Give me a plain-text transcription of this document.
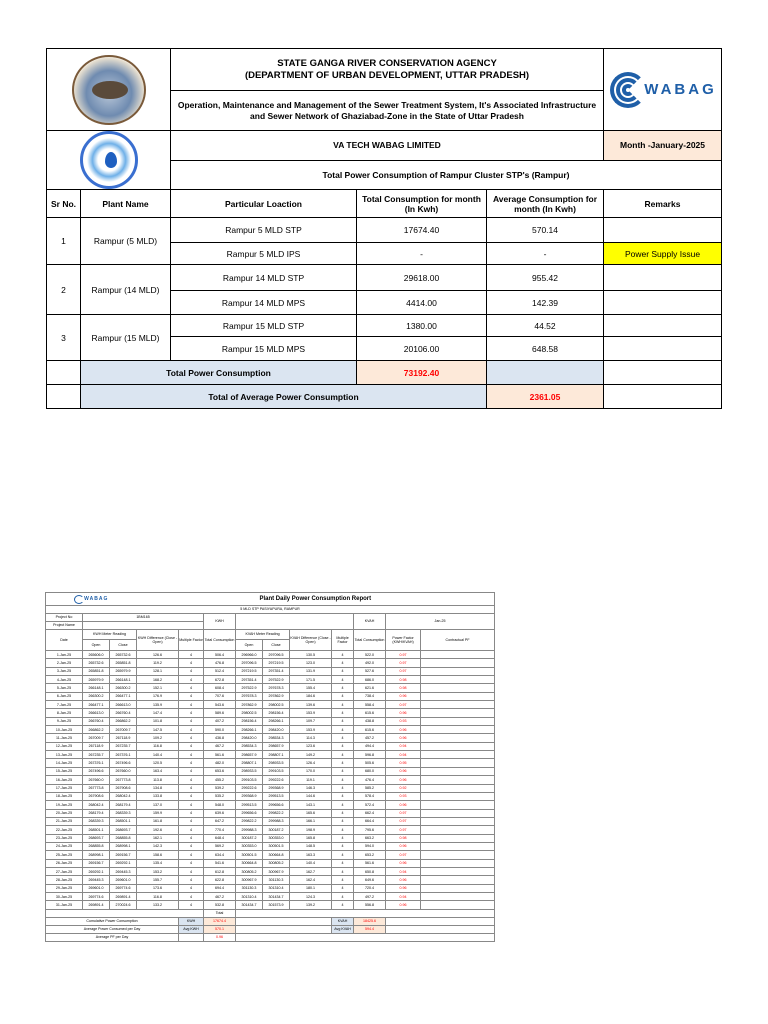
		STATE GANGA RIVER CONSERVATION AGENCY
(DEPARTMENT OF URBAN DEVELOPMENT, UTTAR PRADESH)			WABAG

		Operation, Maintenance and Management of the Sewer Treatment System, It's Associated Infrastructure and Sewer Network of Ghaziabad-Zone in the State of Uttar Pradesh			

		VA TECH WABAG LIMITED			Month -January-2025
		Total Power Consumption of Rampur Cluster STP's (Rampur)			
Sr No.	Plant Name	Particular Loaction	Total Consumption for month (In Kwh)	Average Consumption for month (In Kwh)	Remarks
1	Rampur (5 MLD)	Rampur 5 MLD STP	17674.40	570.14	
		Rampur 5 MLD IPS	-	-	Power Supply Issue
2	Rampur (14 MLD)	Rampur 14 MLD STP	29618.00	955.42	
		Rampur 14 MLD MPS	4414.00	142.39	
3	Rampur (15 MLD)	Rampur 15 MLD STP	1380.00	44.52	
		Rampur 15 MLD MPS	20106.00	648.58	
	Total Power Consumption		73192.40		
	Total of Average Power Consumption			2361.05	
WABAG			Plant Daily Power Consumption Report									
5 MLD STP PASIYAPURA, RAMPUR												
Project No	1BM165				KWH					KVAH	Jan-25	
Project Name												
Date	KWH Meter Reading		KWH Difference (Close -Open)	Multiple Factor	Total Consumption	KVAH Meter Reading		KVAH Difference (Close -Open)	Multiple Factor	Total Consumption	Power Factor (KWH/KVAH)	Contractual PF
	Open	Close				Open	Close					
1-Jan-25	265606.0	265732.6	126.6	4	506.4	296966.0	297096.5	130.5	4	522.0	0.97	
2-Jan-25	265732.6	265851.8	119.2	4	476.8	297096.5	297219.5	123.0	4	492.0	0.97	
3-Jan-25	265851.8	265979.9	128.1	4	512.4	297219.5	297351.4	131.9	4	527.6	0.97	
4-Jan-25	265979.9	266148.1	168.2	4	672.8	297351.4	297522.9	171.5	4	686.0	0.98	
5-Jan-25	266148.1	266300.2	152.1	4	608.4	297522.9	297678.3	155.4	4	621.6	0.98	
6-Jan-25	266300.2	266477.1	176.9	4	707.6	297678.3	297862.9	184.6	4	738.4	0.96	
7-Jan-25	266477.1	266613.0	135.9	4	543.6	297862.9	298002.5	139.6	4	558.4	0.97	
8-Jan-25	266613.0	266760.4	147.4	4	589.6	298002.5	298156.4	153.9	4	615.6	0.96	
9-Jan-25	266760.4	266862.2	101.8	4	407.2	298156.4	298266.1	109.7	4	438.8	0.93	
10-Jan-25	266862.2	267009.7	147.5	4	590.0	298266.1	298420.0	153.9	4	615.6	0.96	
11-Jan-25	267009.7	267118.9	109.2	4	436.8	298420.0	298534.3	114.3	4	457.2	0.96	
12-Jan-25	267118.9	267235.7	116.8	4	467.2	298534.3	298657.9	123.6	4	494.4	0.94	
13-Jan-25	267235.7	267376.1	140.4	4	561.6	298657.9	298807.1	149.2	4	596.8	0.94	
14-Jan-25	267376.1	267496.6	120.5	4	482.0	298807.1	298933.5	126.4	4	505.6	0.95	
15-Jan-25	267496.6	267660.0	163.4	4	653.6	298933.5	299103.5	170.0	4	680.0	0.96	
16-Jan-25	267660.0	267773.8	113.8	4	455.2	299103.5	299222.6	119.1	4	476.4	0.96	
17-Jan-25	267773.8	267908.6	134.8	4	539.2	299222.6	299368.9	146.3	4	585.2	0.92	
18-Jan-25	267908.6	268042.4	133.8	4	535.2	299368.9	299513.5	144.6	4	578.4	0.93	
19-Jan-25	268042.4	268179.4	137.0	4	548.0	299513.5	299656.6	143.1	4	572.4	0.96	
20-Jan-25	268179.4	268339.3	159.9	4	639.6	299656.6	299822.2	165.6	4	662.4	0.97	
21-Jan-25	268339.3	268501.1	161.8	4	647.2	299822.2	299988.3	166.1	4	664.4	0.97	
22-Jan-25	268501.1	268693.7	192.6	4	770.4	299988.3	300187.2	198.9	4	795.6	0.97	
23-Jan-25	268693.7	268855.8	162.1	4	648.4	300187.2	300353.0	165.8	4	663.2	0.98	
24-Jan-25	268855.8	268998.1	142.3	4	569.2	300353.0	300501.5	148.5	4	594.0	0.96	
25-Jan-25	268998.1	269156.7	158.6	4	634.4	300501.5	300664.8	163.3	4	653.2	0.97	
26-Jan-25	269156.7	269292.1	135.4	4	541.6	300664.8	300805.2	140.4	4	561.6	0.96	
27-Jan-25	269292.1	269445.3	153.2	4	612.8	300805.2	300967.9	162.7	4	650.8	0.94	
28-Jan-25	269445.3	269601.0	155.7	4	622.8	300967.9	301130.3	162.4	4	649.6	0.96	
29-Jan-25	269601.0	269774.6	173.6	4	694.4	301130.3	301310.4	180.1	4	720.4	0.96	
30-Jan-25	269774.6	269891.4	116.8	4	467.2	301310.4	301434.7	124.3	4	497.2	0.94	
31-Jan-25	269891.4	270024.6	133.2	4	532.8	301434.7	301573.9	139.2	4	556.8	0.96	
					Total							
Cumulative Power Consumption				KWH	17674.4				KVAH	18425.6		
Average Power Consumed per Day				Avg KWH	570.1				Avg KVAH	594.4		
Average PF per Day					0.96							
